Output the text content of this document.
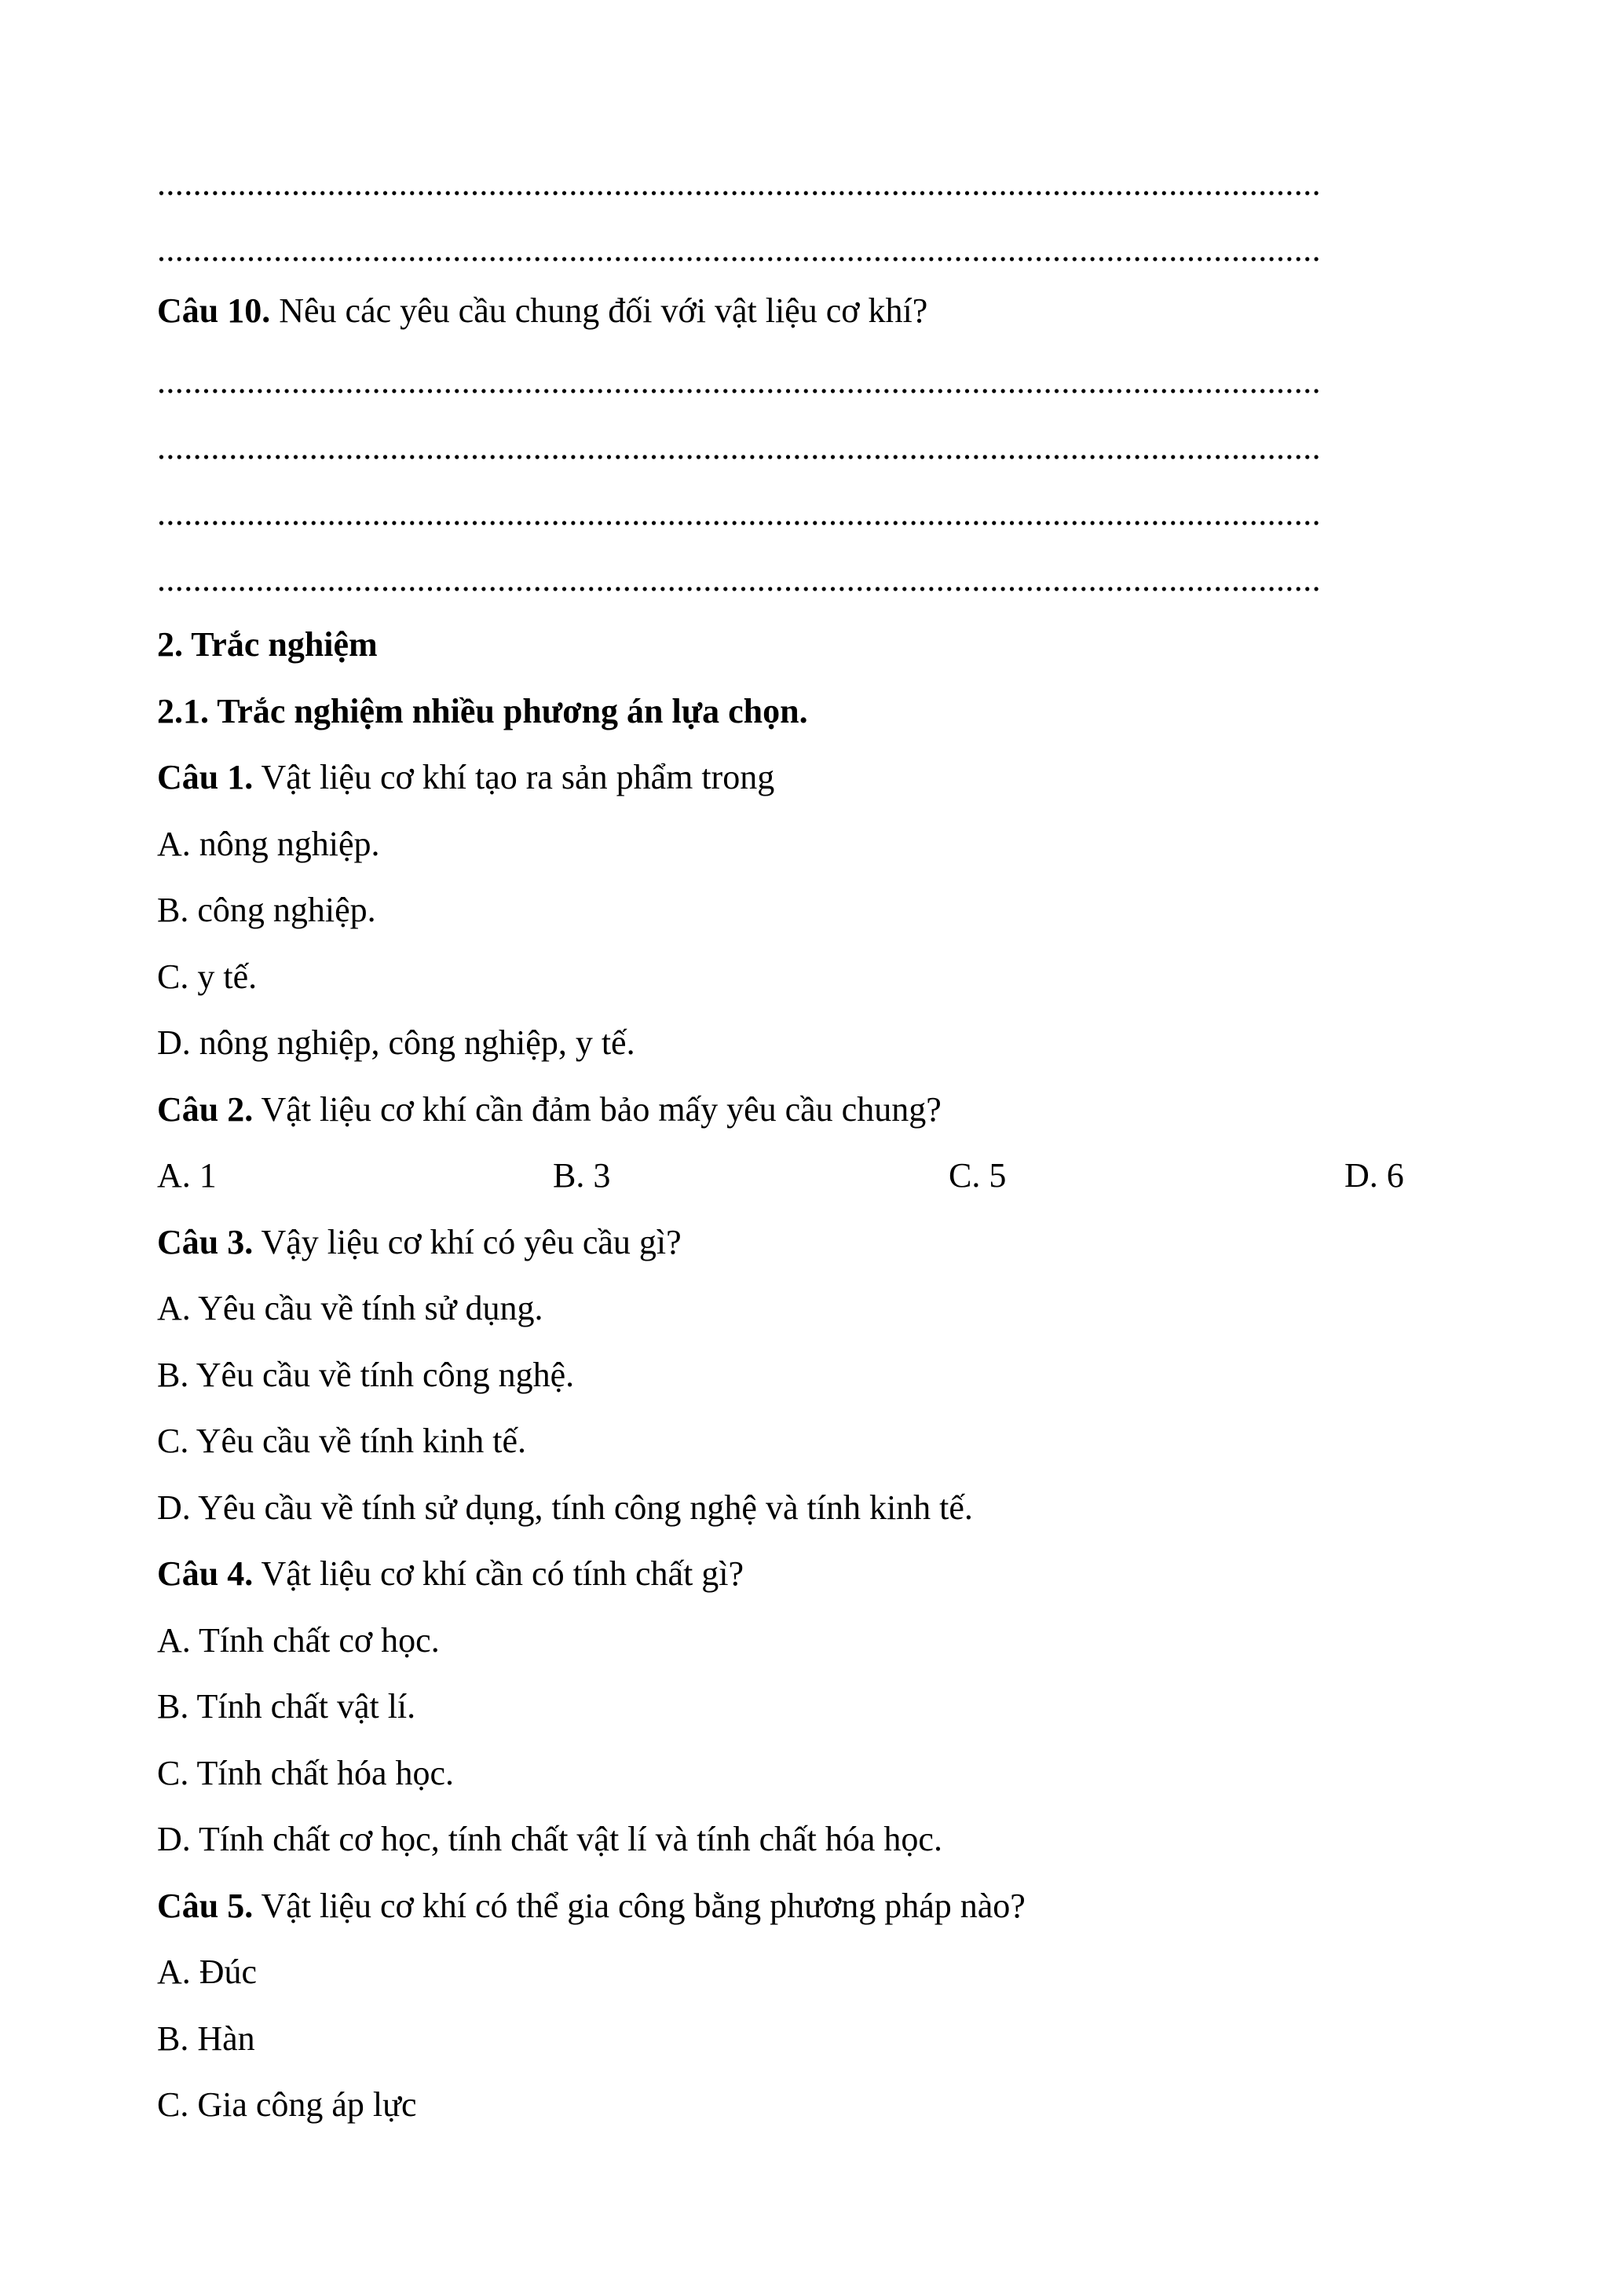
..................................................................................................................................
..................................................................................................................................
Câu 10. Nêu các yêu cầu chung đối với vật liệu cơ khí?
..................................................................................................................................
..................................................................................................................................
..................................................................................................................................
..................................................................................................................................
2. Trắc nghiệm
2.1. Trắc nghiệm nhiều phương án lựa chọn.
Câu 1. Vật liệu cơ khí tạo ra sản phẩm trong
A. nông nghiệp.
B. công nghiệp.
C. y tế.
D. nông nghiệp, công nghiệp, y tế.
Câu 2. Vật liệu cơ khí cần đảm bảo mấy yêu cầu chung?
A. 1	B. 3	C. 5	D. 6
Câu 3. Vậy liệu cơ khí có yêu cầu gì?
A. Yêu cầu về tính sử dụng.
B. Yêu cầu về tính công nghệ.
C. Yêu cầu về tính kinh tế.
D. Yêu cầu về tính sử dụng, tính công nghệ và tính kinh tế.
Câu 4. Vật liệu cơ khí cần có tính chất gì?
A. Tính chất cơ học.
B. Tính chất vật lí.
C. Tính chất hóa học.
D. Tính chất cơ học, tính chất vật lí và tính chất hóa học.
Câu 5. Vật liệu cơ khí có thể gia công bằng phương pháp nào?
A. Đúc
B. Hàn
C. Gia công áp lực
